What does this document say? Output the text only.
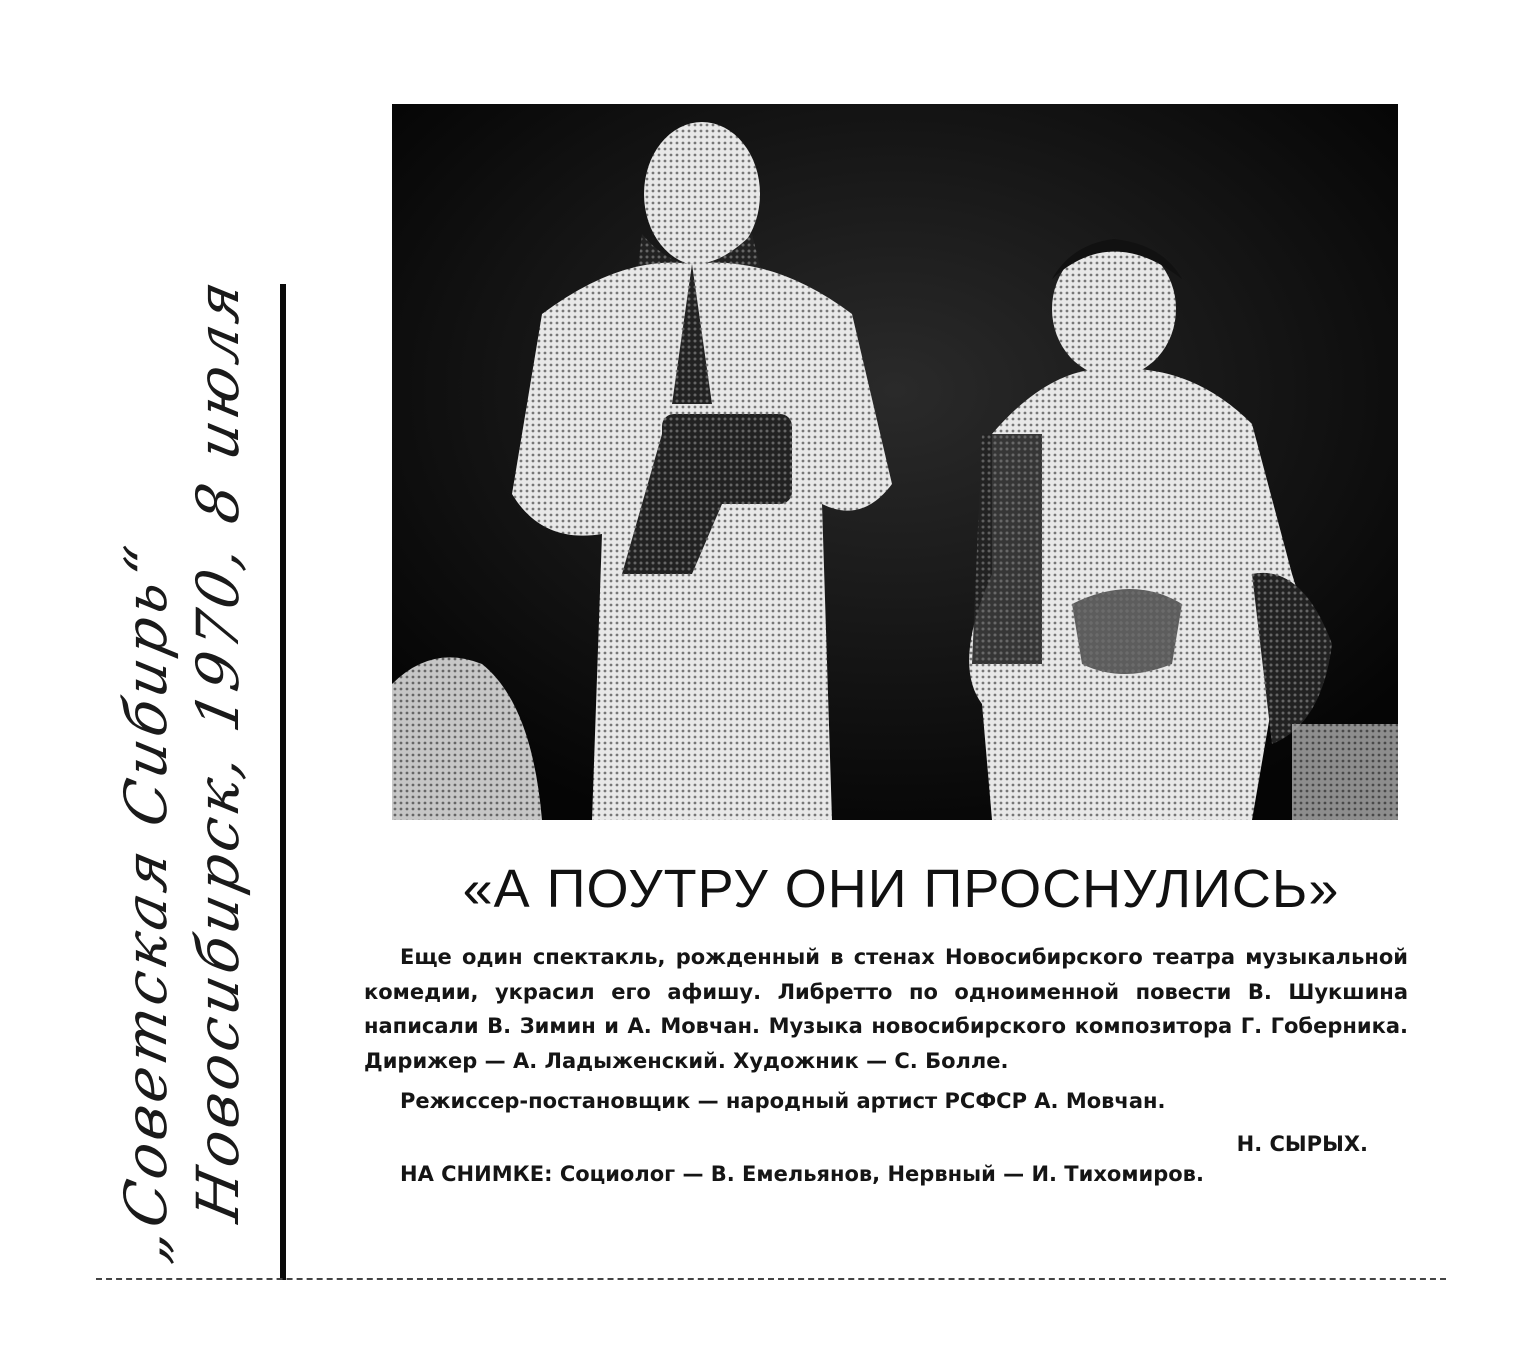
„Советская Сибирь“ Новосибирск, 1970, 8 июля	«А ПОУТРУ ОНИ ПРОСНУЛИСЬ»

Еще один спектакль, рожденный в стенах Новосибирского театра музыкальной комедии, украсил его афишу. Либретто по одноименной повести В. Шукшина написали В. Зимин и А. Мовчан. Музыка новосибирского композитора Г. Гоберника. Дирижер — А. Ладыженский. Художник — С. Болле.

Режиссер-постановщик — народный артист РСФСР А. Мовчан.

Н. СЫРЫХ.
НА СНИМКЕ: Социолог — В. Емельянов, Нервный — И. Тихомиров.
